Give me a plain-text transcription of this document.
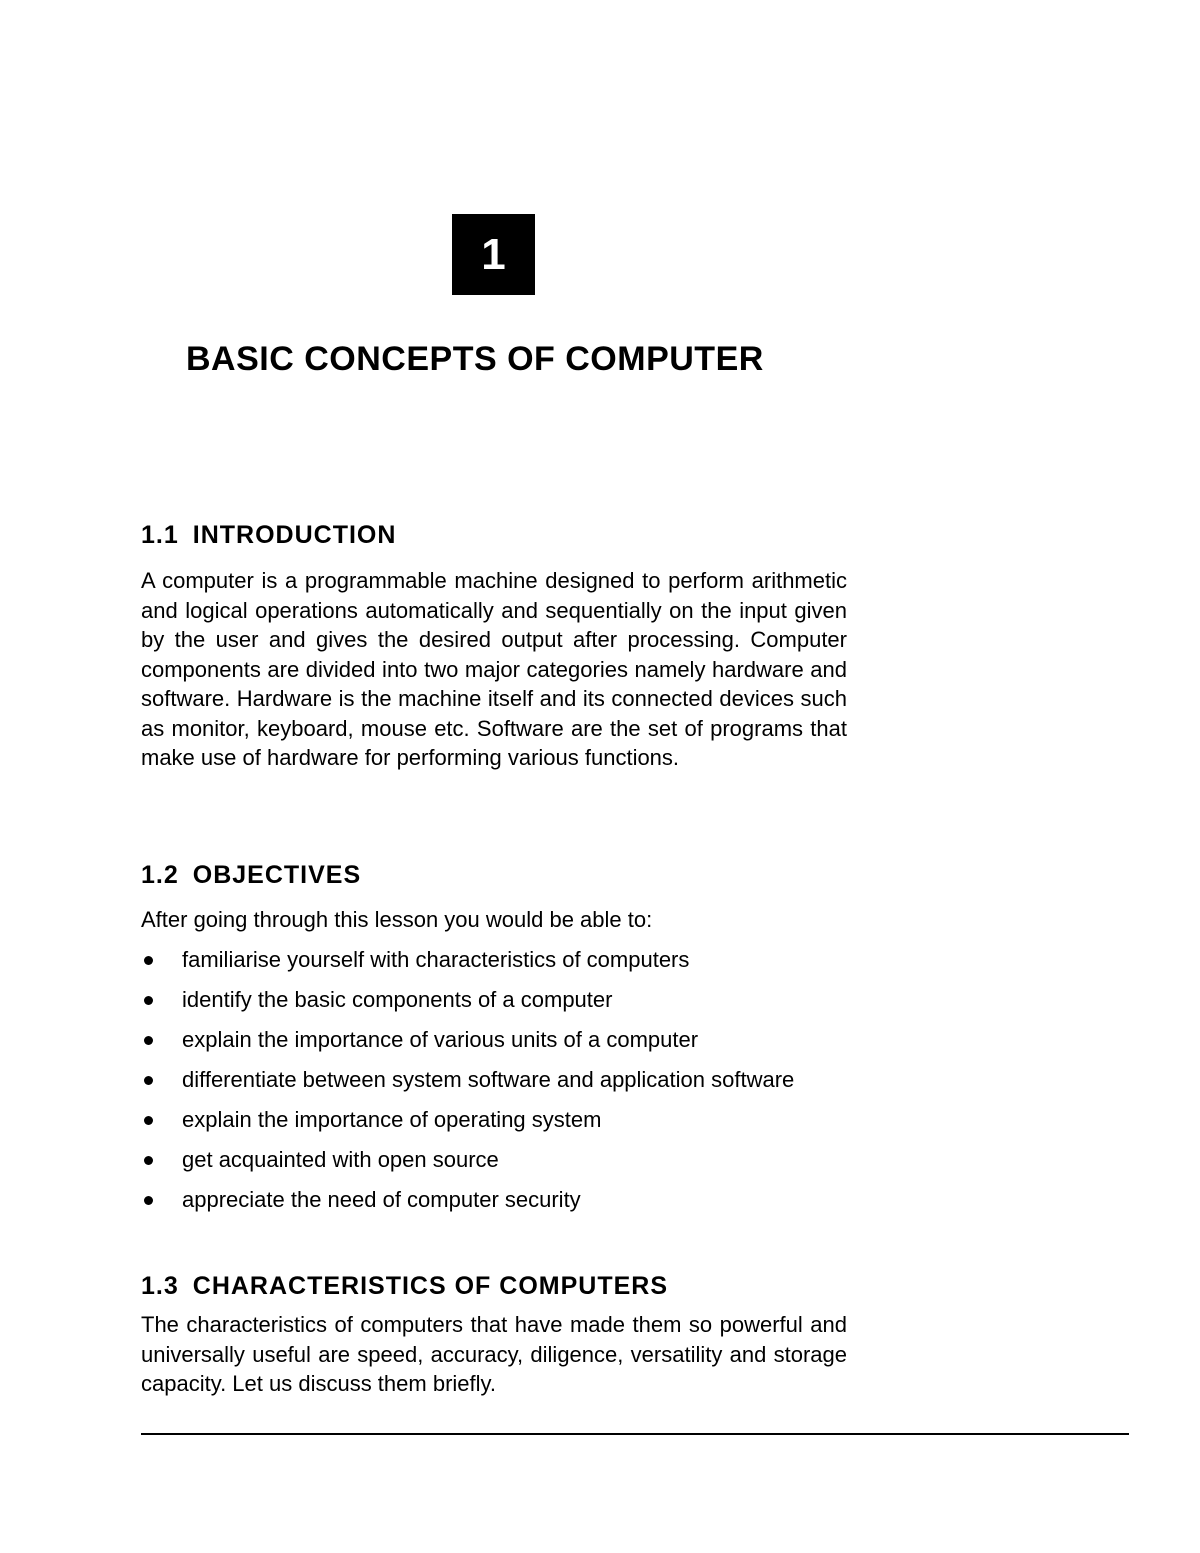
1
BASIC CONCEPTS OF COMPUTER
1.1 INTRODUCTION

A computer is a programmable machine designed to perform arithmetic and logical operations automatically and sequentially on the input given by the user and gives the desired output after processing. Computer components are divided into two major categories namely hardware and software. Hardware is the machine itself and its connected devices such as monitor, keyboard, mouse etc. Software are the set of programs that make use of hardware for performing various functions.

1.2 OBJECTIVES

After going through this lesson you would be able to:

familiarise yourself with characteristics of computers
identify the basic components of a computer
explain the importance of various units of a computer
differentiate between system software and application software
explain the importance of operating system
get acquainted with open source
appreciate the need of computer security
1.3 CHARACTERISTICS OF COMPUTERS

The characteristics of computers that have made them so powerful and universally useful are speed, accuracy, diligence, versatility and storage capacity. Let us discuss them briefly.
